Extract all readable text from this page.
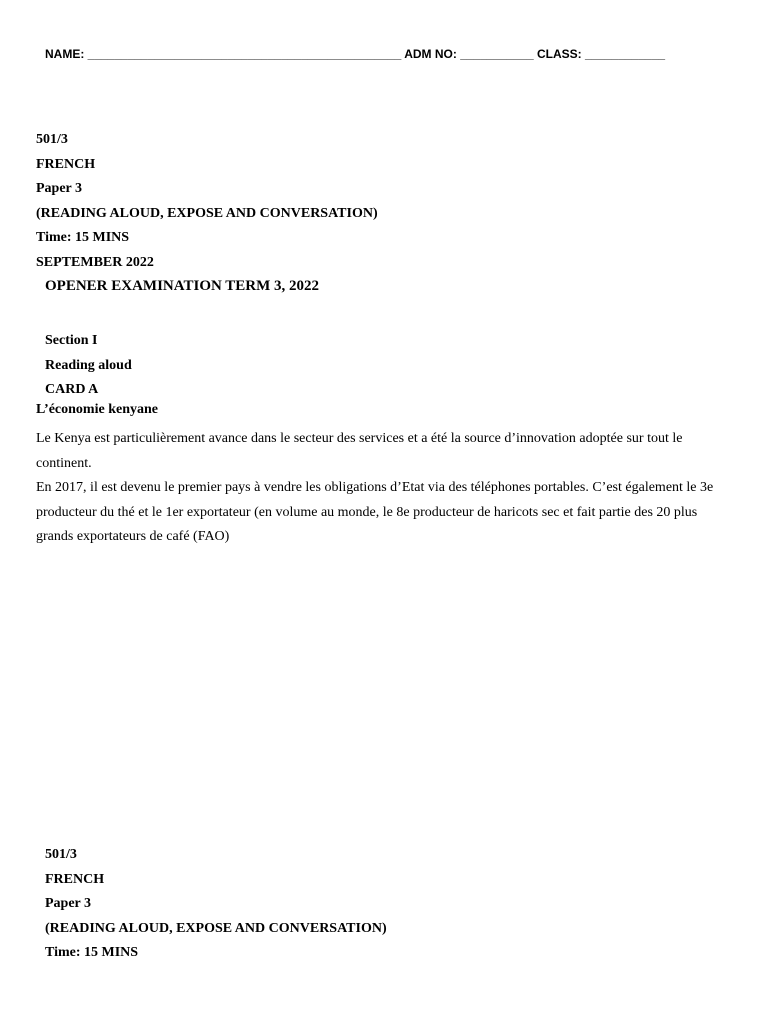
NAME: _______________________________________________ ADM NO: ___________ CLASS: ____________
501/3
FRENCH
Paper 3
(READING ALOUD, EXPOSE AND CONVERSATION)
Time: 15 MINS
SEPTEMBER 2022
OPENER EXAMINATION TERM 3, 2022
Section I
Reading aloud
CARD A
L’économie kenyane

Le Kenya est particulièrement avance dans le secteur des services et a été la source d’innovation adoptée sur tout le continent.

En 2017, il est devenu le premier pays à vendre les obligations d’Etat via des téléphones portables. C’est également le 3e producteur du thé et le 1er exportateur (en volume au monde, le 8e producteur de haricots sec et fait partie des 20 plus grands exportateurs de café (FAO)

501/3
FRENCH
Paper 3
(READING ALOUD, EXPOSE AND CONVERSATION)
Time: 15 MINS
